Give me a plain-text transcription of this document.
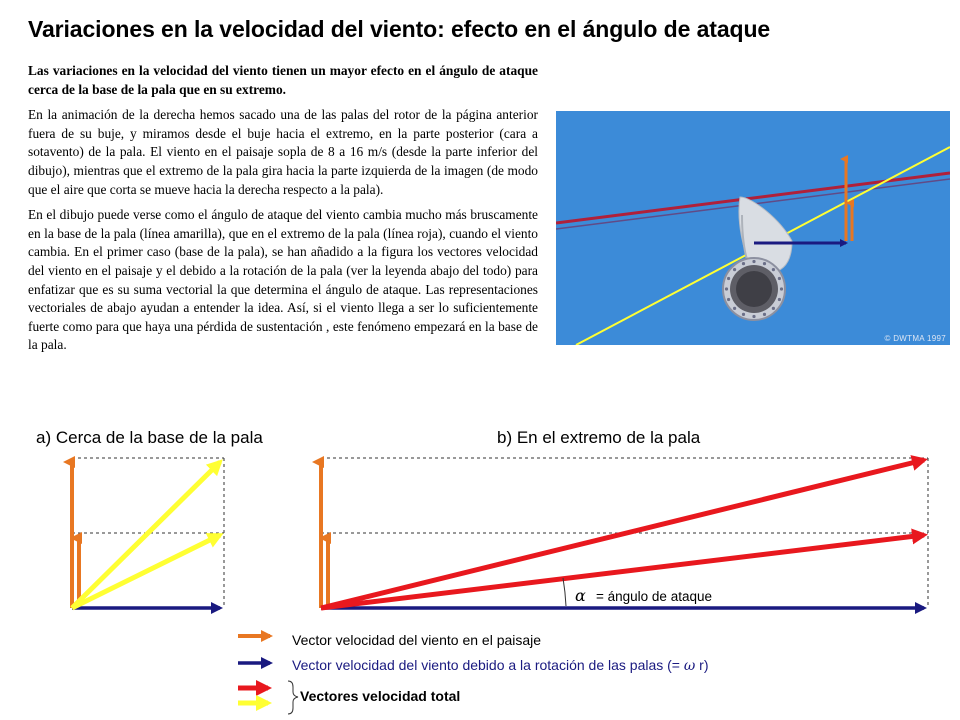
Variaciones en la velocidad del viento: efecto en el ángulo de ataque

Las variaciones en la velocidad del viento tienen un mayor efecto en el ángulo de ataque cerca de la base de la pala que en su extremo.

En la animación de la derecha hemos sacado una de las palas del rotor de la página anterior fuera de su buje, y miramos desde el buje hacia el extremo, en la parte posterior (cara a sotavento) de la pala. El viento en el paisaje sopla de 8 a 16 m/s (desde la parte inferior del dibujo), mientras que el extremo de la pala gira hacia la parte izquierda de la imagen (de modo que el aire que corta se mueve hacia la derecha respecto a la pala).

En el dibujo puede verse como el ángulo de ataque del viento cambia mucho más bruscamente en la base de la pala (línea amarilla), que en el extremo de la pala (línea roja), cuando el viento cambia. En el primer caso (base de la pala), se han añadido a la figura los vectores velocidad del viento en el paisaje y el debido a la rotación de la pala (ver la leyenda abajo del todo) para enfatizar que es su suma vectorial la que determina el ángulo de ataque. Las representaciones vectoriales de abajo ayudan a entender la idea. Así, si el viento llega a ser lo suficientemente fuerte como para que haya una pérdida de sustentación , este fenómeno empezará en la base de la pala.	© DWTMA 1997
a) Cerca de la base de la pala	b) En el extremo de la pala
α = ángulo de ataque
Vector velocidad del viento en el paisaje
Vector velocidad del viento debido a la rotación de las palas (= ω r)
Vectores velocidad total
